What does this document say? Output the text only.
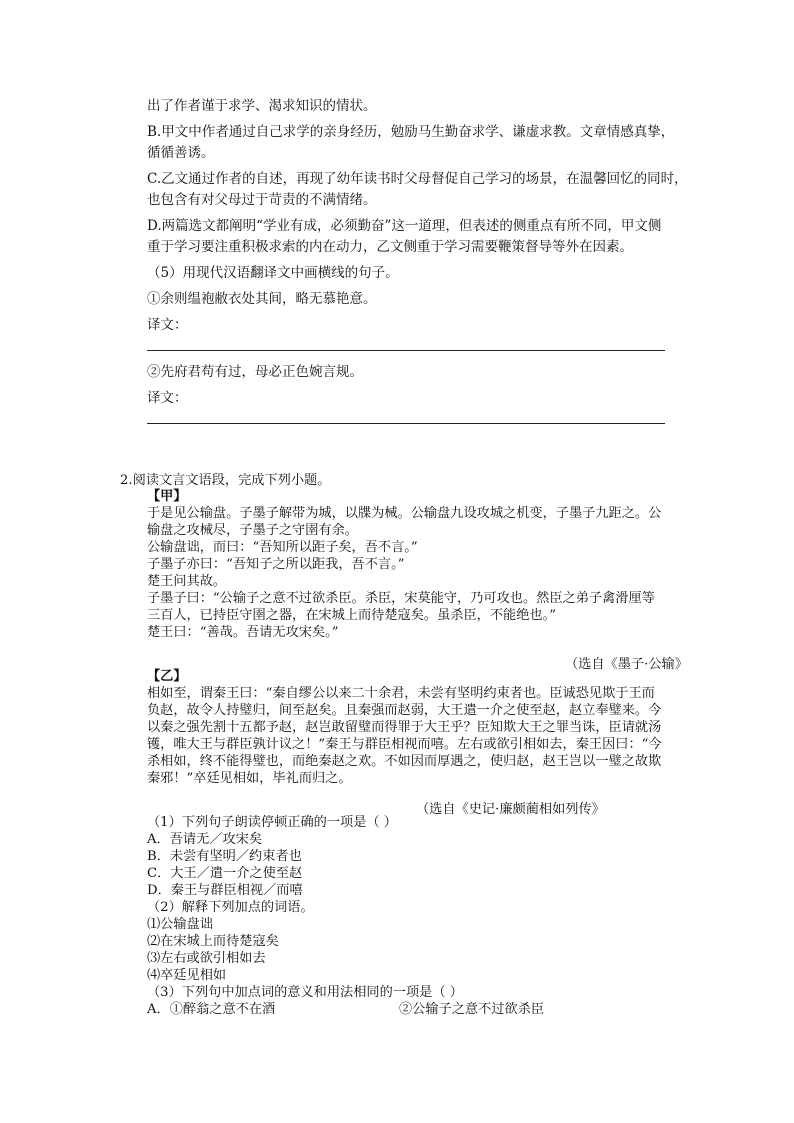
出了作者谨于求学、渴求知识的情状。
B.甲文中作者通过自己求学的亲身经历，勉励马生勤奋求学、谦虚求教。文章情感真挚，
循循善诱。
C.乙文通过作者的自述，再现了幼年读书时父母督促自己学习的场景，在温馨回忆的同时，
也包含有对父母过于苛责的不满情绪。
D.两篇选文都阐明“学业有成，必须勤奋”这一道理，但表述的侧重点有所不同，甲文侧
重于学习要注重积极求索的内在动力，乙文侧重于学习需要鞭策督导等外在因素。
（5）用现代汉语翻译文中画横线的句子。
①余则缊袍敝衣处其间，略无慕艳意。
译文：
②先府君苟有过，母必正色婉言规。
译文：
2.阅读文言文语段，完成下列小题。
【甲】
于是见公输盘。子墨子解带为城，以牒为械。公输盘九设攻城之机变，子墨子九距之。公
输盘之攻械尽，子墨子之守圉有余。
公输盘诎，而曰：“吾知所以距子矣，吾不言。”
子墨子亦曰：“吾知子之所以距我，吾不言。”
楚王问其故。
子墨子曰：“公输子之意不过欲杀臣。杀臣，宋莫能守，乃可攻也。然臣之弟子禽滑厘等
三百人，已持臣守圉之器，在宋城上而待楚寇矣。虽杀臣，不能绝也。”
楚王曰：“善哉。吾请无攻宋矣。”
（选自《墨子·公输》
【乙】
相如至，谓秦王曰：“秦自缪公以来二十余君，未尝有坚明约束者也。臣诚恐见欺于王而
负赵，故令人持璧归，间至赵矣。且秦强而赵弱，大王遣一介之使至赵，赵立奉璧来。今
以秦之强先割十五都予赵，赵岂敢留璧而得罪于大王乎？臣知欺大王之罪当诛，臣请就汤
镬，唯大王与群臣孰计议之！”秦王与群臣相视而嘻。左右或欲引相如去，秦王因曰：“今
杀相如，终不能得璧也，而绝秦赵之欢。不如因而厚遇之，使归赵，赵王岂以一璧之故欺
秦邪！”卒廷见相如，毕礼而归之。
（选自《史记·廉颇蔺相如列传》
（1）下列句子朗读停顿正确的一项是（ ）
A．吾请无／攻宋矣
B．未尝有坚明／约束者也
C．大王／遣一介之使至赵
D．秦王与群臣相视／而嘻
（2）解释下列加点的词语。
⑴公输盘诎
⑵在宋城上而待楚寇矣
⑶左右或欲引相如去
⑷卒廷见相如
（3）下列句中加点词的意义和用法相同的一项是（ ）
A．①醉翁之意不在酒	②公输子之意不过欲杀臣
